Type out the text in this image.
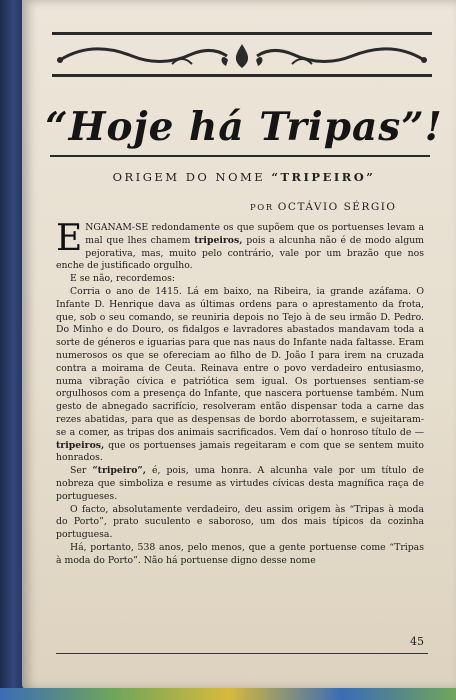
“Hoje há Tripas”!
ORIGEM DO NOME “TRIPEIRO”
POR OCTÁVIO SÉRGIO

ENGANAM-SE redondamente os que supõem que os portuenses levam a mal que lhes chamem tripeiros, pois a alcunha não é de modo algum pejorativa, mas, muito pelo contrário, vale por um brazão que nos enche de justificado orgulho.

E se não, recordemos:

Corria o ano de 1415. Lá em baixo, na Ribeira, ia grande azáfama. O Infante D. Henrique dava as últimas ordens para o aprestamento da frota, que, sob o seu comando, se reuniria depois no Tejo à de seu irmão D. Pedro. Do Minho e do Douro, os fidalgos e lavradores abastados mandavam toda a sorte de géneros e iguarias para que nas naus do Infante nada faltasse. Eram numerosos os que se ofereciam ao filho de D. João I para irem na cruzada contra a moirama de Ceuta. Reinava entre o povo verdadeiro entusiasmo, numa vibração cívica e patriótica sem igual. Os portuenses sentiam-se orgulhosos com a presença do Infante, que nascera portuense também. Num gesto de abnegado sacrifício, resolveram então dispensar toda a carne das rezes abatidas, para que as despensas de bordo aborrotassem, e sujeitaram-se a comer, as tripas dos animais sacrificados. Vem daí o honroso título de — tripeiros, que os portuenses jamais regeitaram e com que se sentem muito honrados.

Ser “tripeiro”, é, pois, uma honra. A alcunha vale por um título de nobreza que simboliza e resume as virtudes cívicas desta magnífica raça de portugueses.

O facto, absolutamente verdadeiro, deu assim origem às “Tripas à moda do Porto”, prato suculento e saboroso, um dos mais típicos da cozinha portuguesa.

Há, portanto, 538 anos, pelo menos, que a gente portuense come “Tripas à moda do Porto”. Não há portuense digno desse nome

45
